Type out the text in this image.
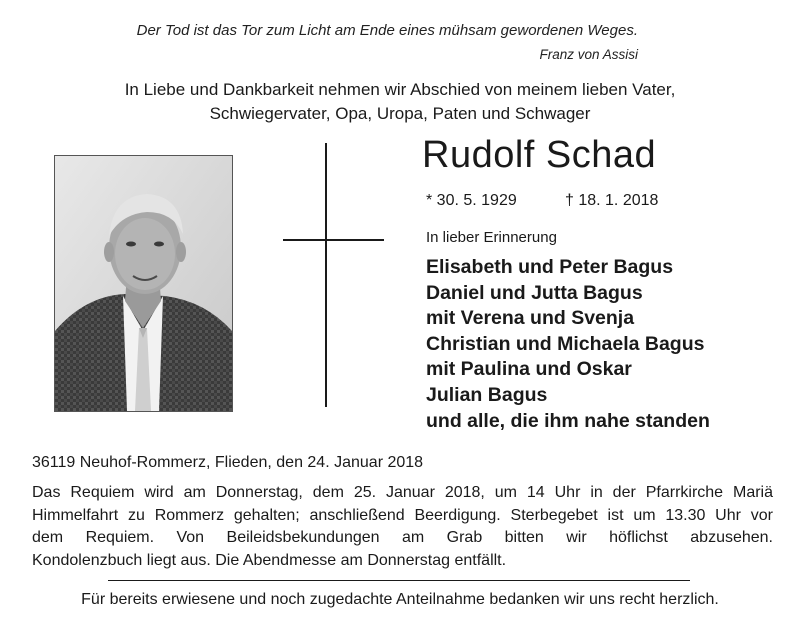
Der Tod ist das Tor zum Licht am Ende eines mühsam gewordenen Weges.
Franz von Assisi
In Liebe und Dankbarkeit nehmen wir Abschied von meinem lieben Vater,
Schwiegervater, Opa, Uropa, Paten und Schwager
Rudolf Schad
* 30. 5. 1929	† 18. 1. 2018
In lieber Erinnerung
Elisabeth und Peter Bagus
Daniel und Jutta Bagus
mit Verena und Svenja
Christian und Michaela Bagus
mit Paulina und Oskar
Julian Bagus
und alle, die ihm nahe standen
36119 Neuhof-Rommerz, Flieden, den 24. Januar 2018
Das Requiem wird am Donnerstag, dem 25. Januar 2018, um 14 Uhr in der Pfarrkirche Mariä
Himmelfahrt zu Rommerz gehalten; anschließend Beerdigung. Sterbegebet ist um 13.30 Uhr vor
dem Requiem. Von Beileidsbekundungen am Grab bitten wir höflichst abzusehen.
Kondolenzbuch liegt aus. Die Abendmesse am Donnerstag entfällt.
Für bereits erwiesene und noch zugedachte Anteilnahme bedanken wir uns recht herzlich.
